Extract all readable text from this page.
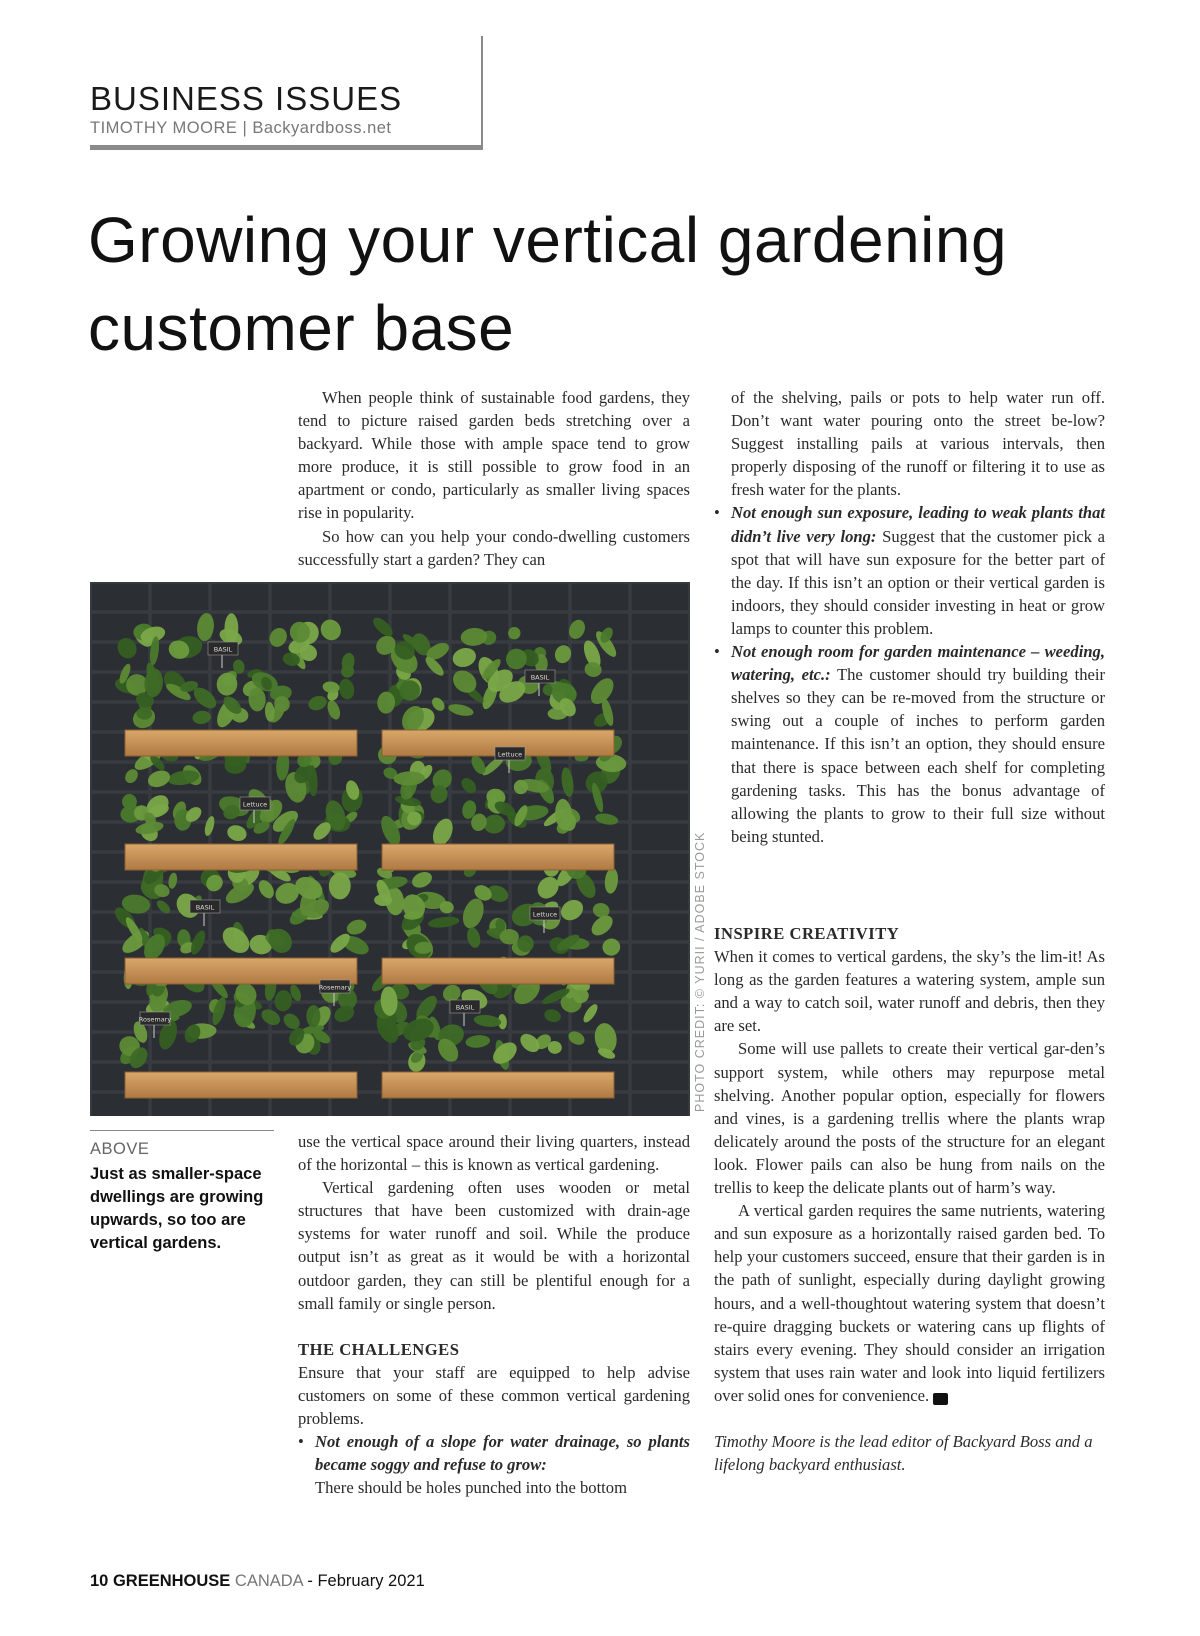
BUSINESS ISSUES
TIMOTHY MOORE | Backyardboss.net
Growing your vertical gardening customer base

When people think of sustainable food gardens, they tend to picture raised garden beds stretching over a backyard. While those with ample space tend to grow more produce, it is still possible to grow food in an apartment or condo, particularly as smaller living spaces rise in popularity.

So how can you help your condo-dwelling customers successfully start a garden? They can

BASIL
BASIL
Lettuce
Lettuce
BASIL
Lettuce
Rosemary
BASIL
Rosemary	PHOTO CREDIT: © YURII / ADOBE STOCK
ABOVE
Just as smaller-space dwellings are growing upwards, so too are vertical gardens.

use the vertical space around their living quarters, instead of the horizontal – this is known as vertical gardening.

Vertical gardening often uses wooden or metal structures that have been customized with drain-age systems for water runoff and soil. While the produce output isn’t as great as it would be with a horizontal outdoor garden, they can still be plentiful enough for a small family or single person.

THE CHALLENGES

Ensure that your staff are equipped to help advise customers on some of these common vertical gardening problems.

• Not enough of a slope for water drainage, so plants became soggy and refuse to grow:
There should be holes punched into the bottom
of the shelving, pails or pots to help water run off. Don’t want water pouring onto the street be-low? Suggest installing pails at various intervals, then properly disposing of the runoff or filtering it to use as fresh water for the plants.
• Not enough sun exposure, leading to weak plants that didn’t live very long: Suggest that the customer pick a spot that will have sun exposure for the better part of the day. If this isn’t an option or their vertical garden is indoors, they should consider investing in heat or grow lamps to counter this problem.
• Not enough room for garden maintenance – weeding, watering, etc.: The customer should try building their shelves so they can be re-moved from the structure or swing out a couple of inches to perform garden maintenance. If this isn’t an option, they should ensure that there is space between each shelf for completing gardening tasks. This has the bonus advantage of allowing the plants to grow to their full size without being stunted.

INSPIRE CREATIVITY

When it comes to vertical gardens, the sky’s the lim-it! As long as the garden features a watering system, ample sun and a way to catch soil, water runoff and debris, then they are set.

Some will use pallets to create their vertical gar-den’s support system, while others may repurpose metal shelving. Another popular option, especially for flowers and vines, is a gardening trellis where the plants wrap delicately around the posts of the structure for an elegant look. Flower pails can also be hung from nails on the trellis to keep the delicate plants out of harm’s way.

A vertical garden requires the same nutrients, watering and sun exposure as a horizontally raised garden bed. To help your customers succeed, ensure that their garden is in the path of sunlight, especially during daylight growing hours, and a well-thoughtout watering system that doesn’t re-quire dragging buckets or watering cans up flights of stairs every evening. They should consider an irrigation system that uses rain water and look into liquid fertilizers over solid ones for convenience.	GC

Timothy Moore is the lead editor of Backyard Boss and a lifelong backyard enthusiast.

10 GREENHOUSE CANADA - February 2021
